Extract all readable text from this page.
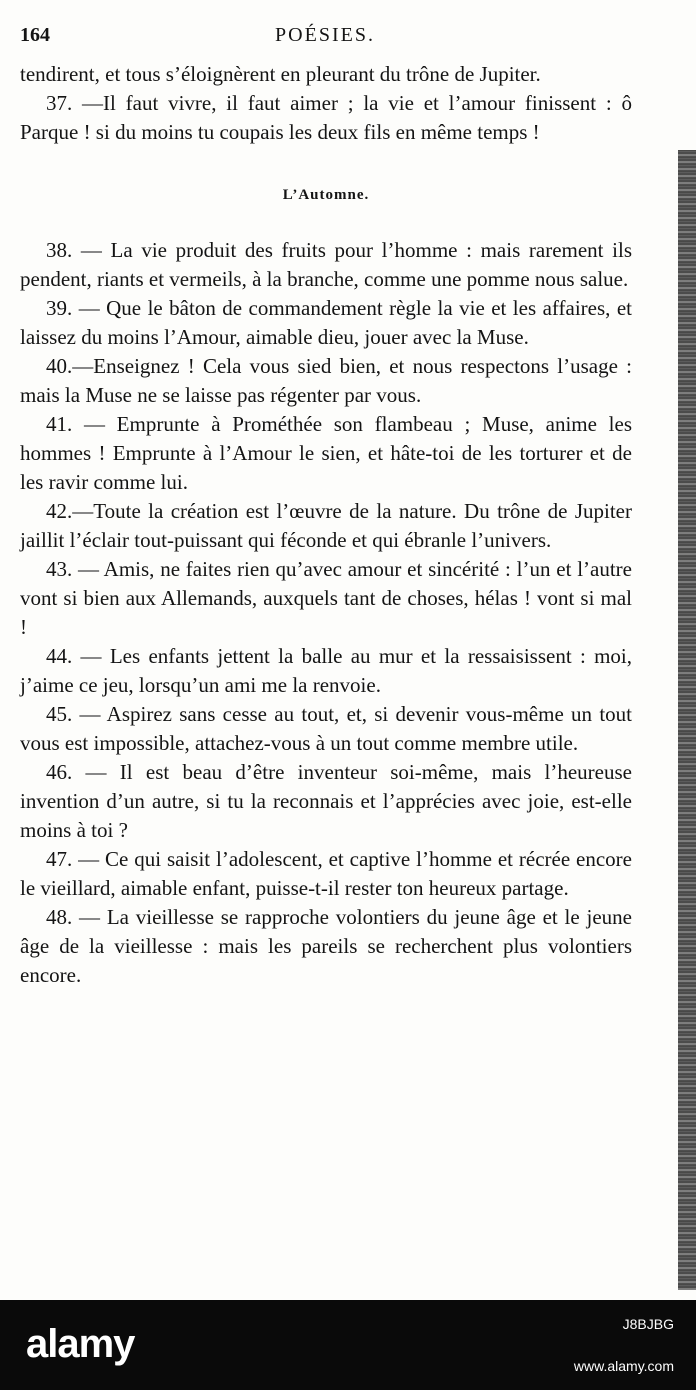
POÉSIES.
164

tendirent, et tous s’éloignèrent en pleurant du trône de Jupiter.

37. —Il faut vivre, il faut aimer ; la vie et l’amour finissent : ô Parque ! si du moins tu coupais les deux fils en même temps !

L’Automne.

38. — La vie produit des fruits pour l’homme : mais rarement ils pendent, riants et vermeils, à la branche, comme une pomme nous salue.

39. — Que le bâton de commandement règle la vie et les affaires, et laissez du moins l’Amour, aimable dieu, jouer avec la Muse.

40.—Enseignez ! Cela vous sied bien, et nous respectons l’usage : mais la Muse ne se laisse pas régenter par vous.

41. — Emprunte à Prométhée son flambeau ; Muse, anime les hommes ! Emprunte à l’Amour le sien, et hâte-toi de les torturer et de les ravir comme lui.

42.—Toute la création est l’œuvre de la nature. Du trône de Jupiter jaillit l’éclair tout-puissant qui féconde et qui ébranle l’univers.

43. — Amis, ne faites rien qu’avec amour et sincérité : l’un et l’autre vont si bien aux Allemands, auxquels tant de choses, hélas ! vont si mal !

44. — Les enfants jettent la balle au mur et la ressaisissent : moi, j’aime ce jeu, lorsqu’un ami me la renvoie.

45. — Aspirez sans cesse au tout, et, si devenir vous-même un tout vous est impossible, attachez-vous à un tout comme membre utile.

46. — Il est beau d’être inventeur soi-même, mais l’heureuse invention d’un autre, si tu la reconnais et l’apprécies avec joie, est-elle moins à toi ?

47. — Ce qui saisit l’adolescent, et captive l’homme et récrée encore le vieillard, aimable enfant, puisse-t-il rester ton heureux partage.

48. — La vieillesse se rapproche volontiers du jeune âge et le jeune âge de la vieillesse : mais les pareils se recherchent plus volontiers encore.

alamy	J8BJBG
www.alamy.com
